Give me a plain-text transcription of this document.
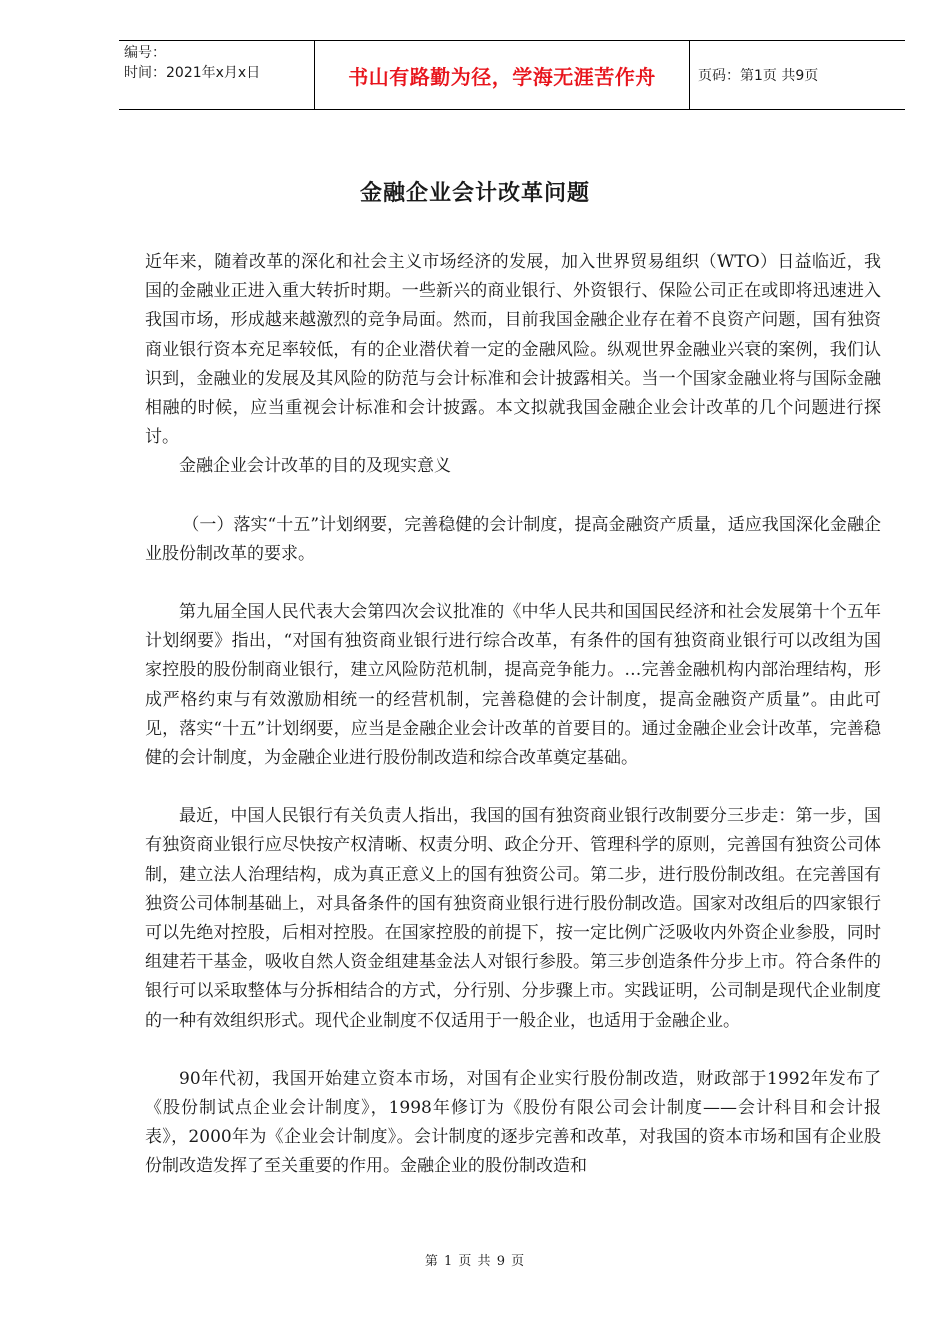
编号：
时间：2021年x月x日	书山有路勤为径，学海无涯苦作舟	页码：第1页 共9页
金融企业会计改革问题

近年来，随着改革的深化和社会主义市场经济的发展，加入世界贸易组织（WTO）日益临近，我国的金融业正进入重大转折时期。一些新兴的商业银行、外资银行、保险公司正在或即将迅速进入我国市场，形成越来越激烈的竞争局面。然而，目前我国金融企业存在着不良资产问题，国有独资商业银行资本充足率较低，有的企业潜伏着一定的金融风险。纵观世界金融业兴衰的案例，我们认识到，金融业的发展及其风险的防范与会计标准和会计披露相关。当一个国家金融业将与国际金融相融的时候，应当重视会计标准和会计披露。本文拟就我国金融企业会计改革的几个问题进行探讨。

金融企业会计改革的目的及现实意义

（一）落实“十五”计划纲要，完善稳健的会计制度，提高金融资产质量，适应我国深化金融企业股份制改革的要求。

第九届全国人民代表大会第四次会议批准的《中华人民共和国国民经济和社会发展第十个五年计划纲要》指出，“对国有独资商业银行进行综合改革，有条件的国有独资商业银行可以改组为国家控股的股份制商业银行，建立风险防范机制，提高竞争能力。…完善金融机构内部治理结构，形成严格约束与有效激励相统一的经营机制，完善稳健的会计制度，提高金融资产质量”。由此可见，落实“十五”计划纲要，应当是金融企业会计改革的首要目的。通过金融企业会计改革，完善稳健的会计制度，为金融企业进行股份制改造和综合改革奠定基础。

最近，中国人民银行有关负责人指出，我国的国有独资商业银行改制要分三步走：第一步，国有独资商业银行应尽快按产权清晰、权责分明、政企分开、管理科学的原则，完善国有独资公司体制，建立法人治理结构，成为真正意义上的国有独资公司。第二步，进行股份制改组。在完善国有独资公司体制基础上，对具备条件的国有独资商业银行进行股份制改造。国家对改组后的四家银行可以先绝对控股，后相对控股。在国家控股的前提下，按一定比例广泛吸收内外资企业参股，同时组建若干基金，吸收自然人资金组建基金法人对银行参股。第三步创造条件分步上市。符合条件的银行可以采取整体与分拆相结合的方式，分行别、分步骤上市。实践证明，公司制是现代企业制度的一种有效组织形式。现代企业制度不仅适用于一般企业，也适用于金融企业。

90年代初，我国开始建立资本市场，对国有企业实行股份制改造，财政部于1992年发布了《股份制试点企业会计制度》，1998年修订为《股份有限公司会计制度——会计科目和会计报表》，2000年为《企业会计制度》。会计制度的逐步完善和改革，对我国的资本市场和国有企业股份制改造发挥了至关重要的作用。金融企业的股份制改造和

第 1 页 共 9 页
